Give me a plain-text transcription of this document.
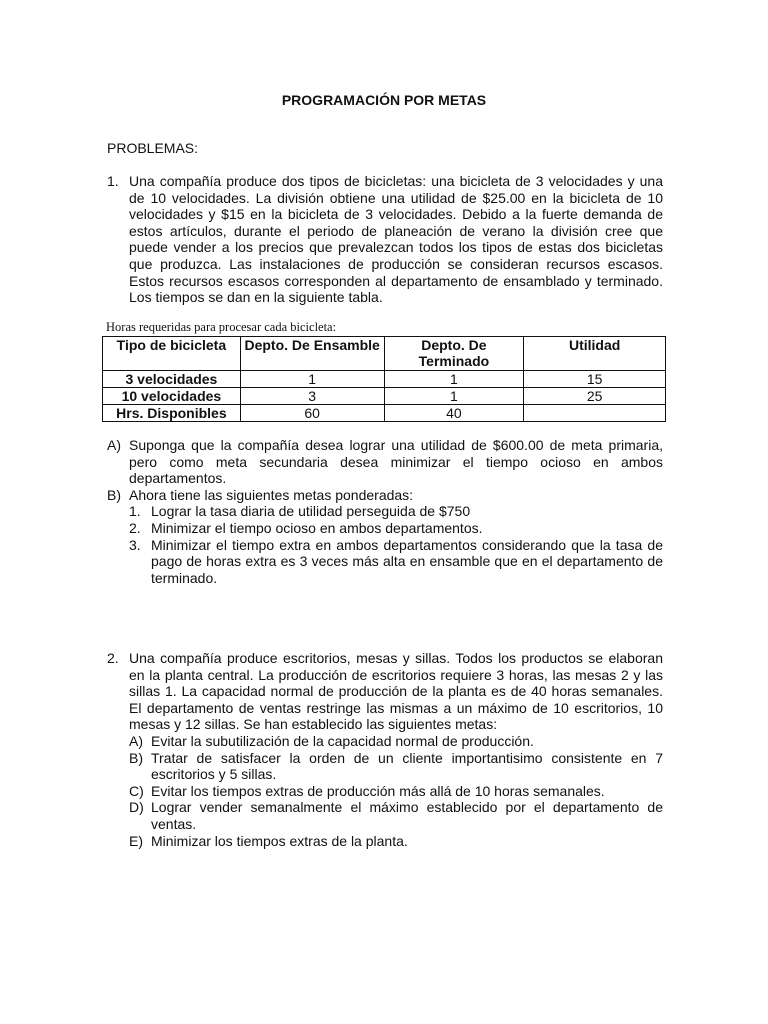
PROGRAMACIÓN POR METAS
PROBLEMAS:
1. Una compañía produce dos tipos de bicicletas: una bicicleta de 3 velocidades y una de 10 velocidades. La división obtiene una utilidad de $25.00 en la bicicleta de 10 velocidades y $15 en la bicicleta de 3 velocidades. Debido a la fuerte demanda de estos artículos, durante el periodo de planeación de verano la división cree que puede vender a los precios que prevalezcan todos los tipos de estas dos bicicletas que produzca. Las instalaciones de producción se consideran recursos escasos. Estos recursos escasos corresponden al departamento de ensamblado y terminado. Los tiempos se dan en la siguiente tabla.
Horas requeridas para procesar cada bicicleta:
Tipo de bicicleta	Depto. De Ensamble	Depto. De Terminado	Utilidad
3 velocidades	1	1	15
10 velocidades	3	1	25
Hrs. Disponibles	60	40	
A) Suponga que la compañía desea lograr una utilidad de $600.00 de meta primaria, pero como meta secundaria desea minimizar el tiempo ocioso en ambos departamentos.
B) Ahora tiene las siguientes metas ponderadas:
1. Lograr la tasa diaria de utilidad perseguida de $750
2. Minimizar el tiempo ocioso en ambos departamentos.
3. Minimizar el tiempo extra en ambos departamentos considerando que la tasa de pago de horas extra es 3 veces más alta en ensamble que en el departamento de terminado.
2. Una compañía produce escritorios, mesas y sillas. Todos los productos se elaboran en la planta central. La producción de escritorios requiere 3 horas, las mesas 2 y las sillas 1. La capacidad normal de producción de la planta es de 40 horas semanales. El departamento de ventas restringe las mismas a un máximo de 10 escritorios, 10 mesas y 12 sillas. Se han establecido las siguientes metas:
A) Evitar la subutilización de la capacidad normal de producción.
B) Tratar de satisfacer la orden de un cliente importantisimo consistente en 7 escritorios y 5 sillas.
C) Evitar los tiempos extras de producción más allá de 10 horas semanales.
D) Lograr vender semanalmente el máximo establecido por el departamento de ventas.
E) Minimizar los tiempos extras de la planta.
